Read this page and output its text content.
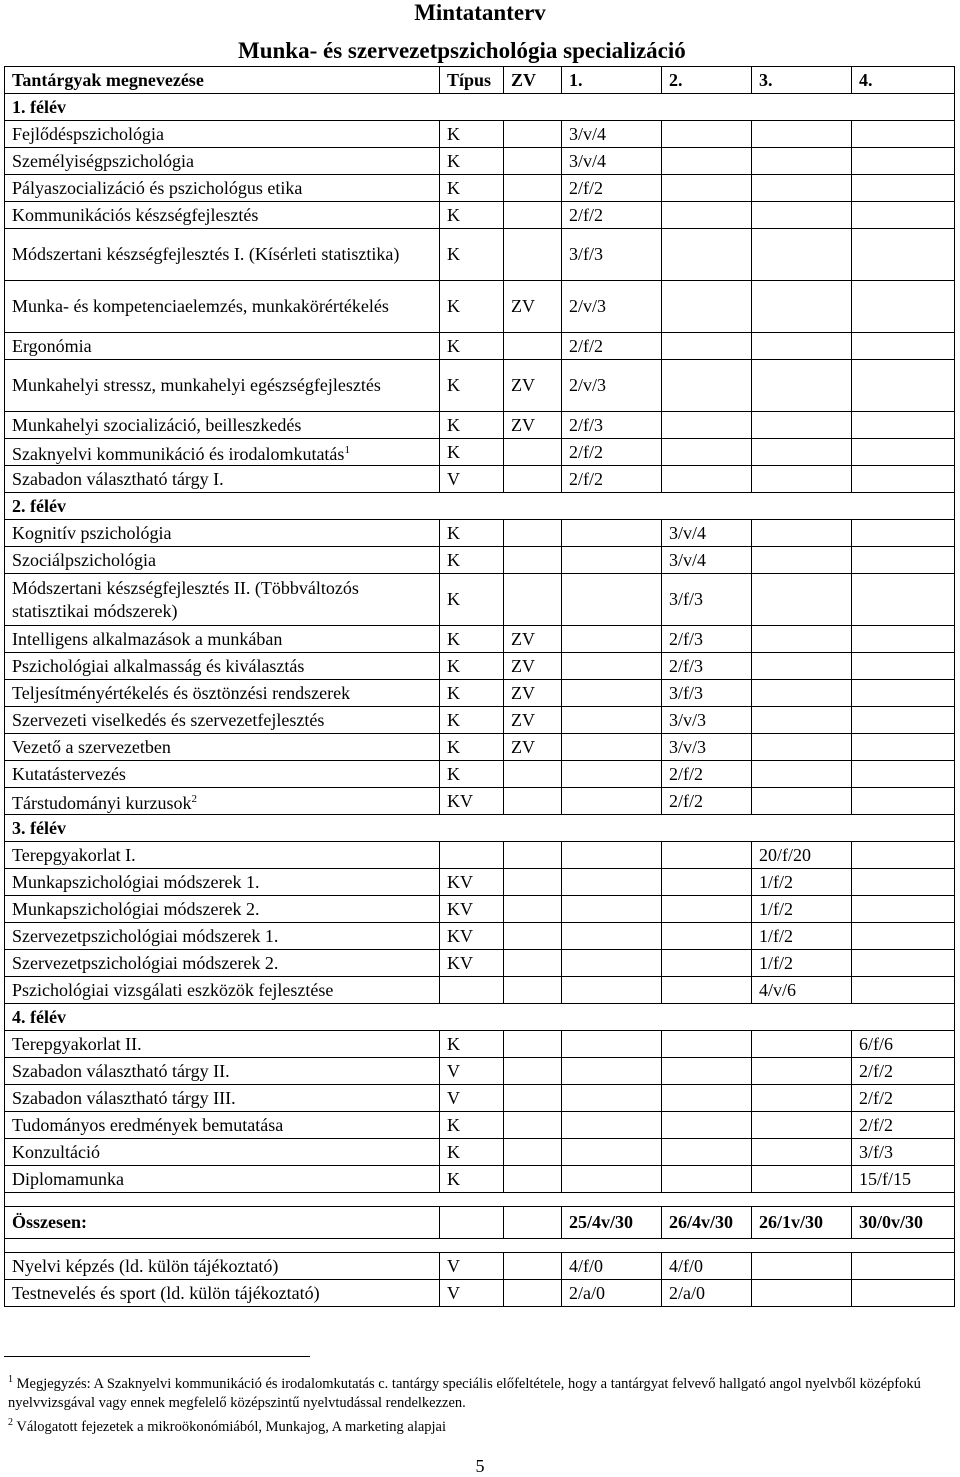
Mintatanterv
Munka- és szervezetpszichológia specializáció
Tantárgyak megnevezése	Típus	ZV	1.	2.	3.	4.
1. félév						
Fejlődéspszichológia	K		3/v/4			
Személyiségpszichológia	K		3/v/4			
Pályaszocializáció és pszichológus etika	K		2/f/2			
Kommunikációs készségfejlesztés	K		2/f/2			
Módszertani készségfejlesztés I. (Kísérleti statisztika)	K		3/f/3			
Munka- és kompetenciaelemzés, munkakörértékelés	K	ZV	2/v/3			
Ergonómia	K		2/f/2			
Munkahelyi stressz, munkahelyi egészségfejlesztés	K	ZV	2/v/3			
Munkahelyi szocializáció, beilleszkedés	K	ZV	2/f/3			
Szaknyelvi kommunikáció és irodalomkutatás$^1$	K		2/f/2			
Szabadon választható tárgy I.	V		2/f/2			
2. félév						
Kognitív pszichológia	K			3/v/4		
Szociálpszichológia	K			3/v/4		
Módszertani készségfejlesztés II. (Többváltozós statisztikai módszerek)	K			3/f/3		
Intelligens alkalmazások a munkában	K	ZV		2/f/3		
Pszichológiai alkalmasság és kiválasztás	K	ZV		2/f/3		
Teljesítményértékelés és ösztönzési rendszerek	K	ZV		3/f/3		
Szervezeti viselkedés és szervezetfejlesztés	K	ZV		3/v/3		
Vezető a szervezetben	K	ZV		3/v/3		
Kutatástervezés	K			2/f/2		
Társtudományi kurzusok$^2$	KV			2/f/2		
3. félév						
Terepgyakorlat I.					20/f/20	
Munkapszichológiai módszerek 1.	KV				1/f/2	
Munkapszichológiai módszerek 2.	KV				1/f/2	
Szervezetpszichológiai módszerek 1.	KV				1/f/2	
Szervezetpszichológiai módszerek 2.	KV				1/f/2	
Pszichológiai vizsgálati eszközök fejlesztése					4/v/6	
4. félév						
Terepgyakorlat II.	K					6/f/6
Szabadon választható tárgy II.	V					2/f/2
Szabadon választható tárgy III.	V					2/f/2
Tudományos eredmények bemutatása	K					2/f/2
Konzultáció	K					3/f/3
Diplomamunka	K					15/f/15

Összesen:			25/4v/30	26/4v/30	26/1v/30	30/0v/30

Nyelvi képzés (ld. külön tájékoztató)	V		4/f/0	4/f/0		
Testnevelés és sport (ld. külön tájékoztató)	V		2/a/0	2/a/0		
$^1$ Megjegyzés: A Szaknyelvi kommunikáció és irodalomkutatás c. tantárgy speciális előfeltétele, hogy a tantárgyat felvevő hallgató angol nyelvből középfokú nyelvvizsgával vagy ennek megfelelő középszintű nyelvtudással rendelkezzen.
$^2$ Válogatott fejezetek a mikroökonómiából, Munkajog, A marketing alapjai
5
